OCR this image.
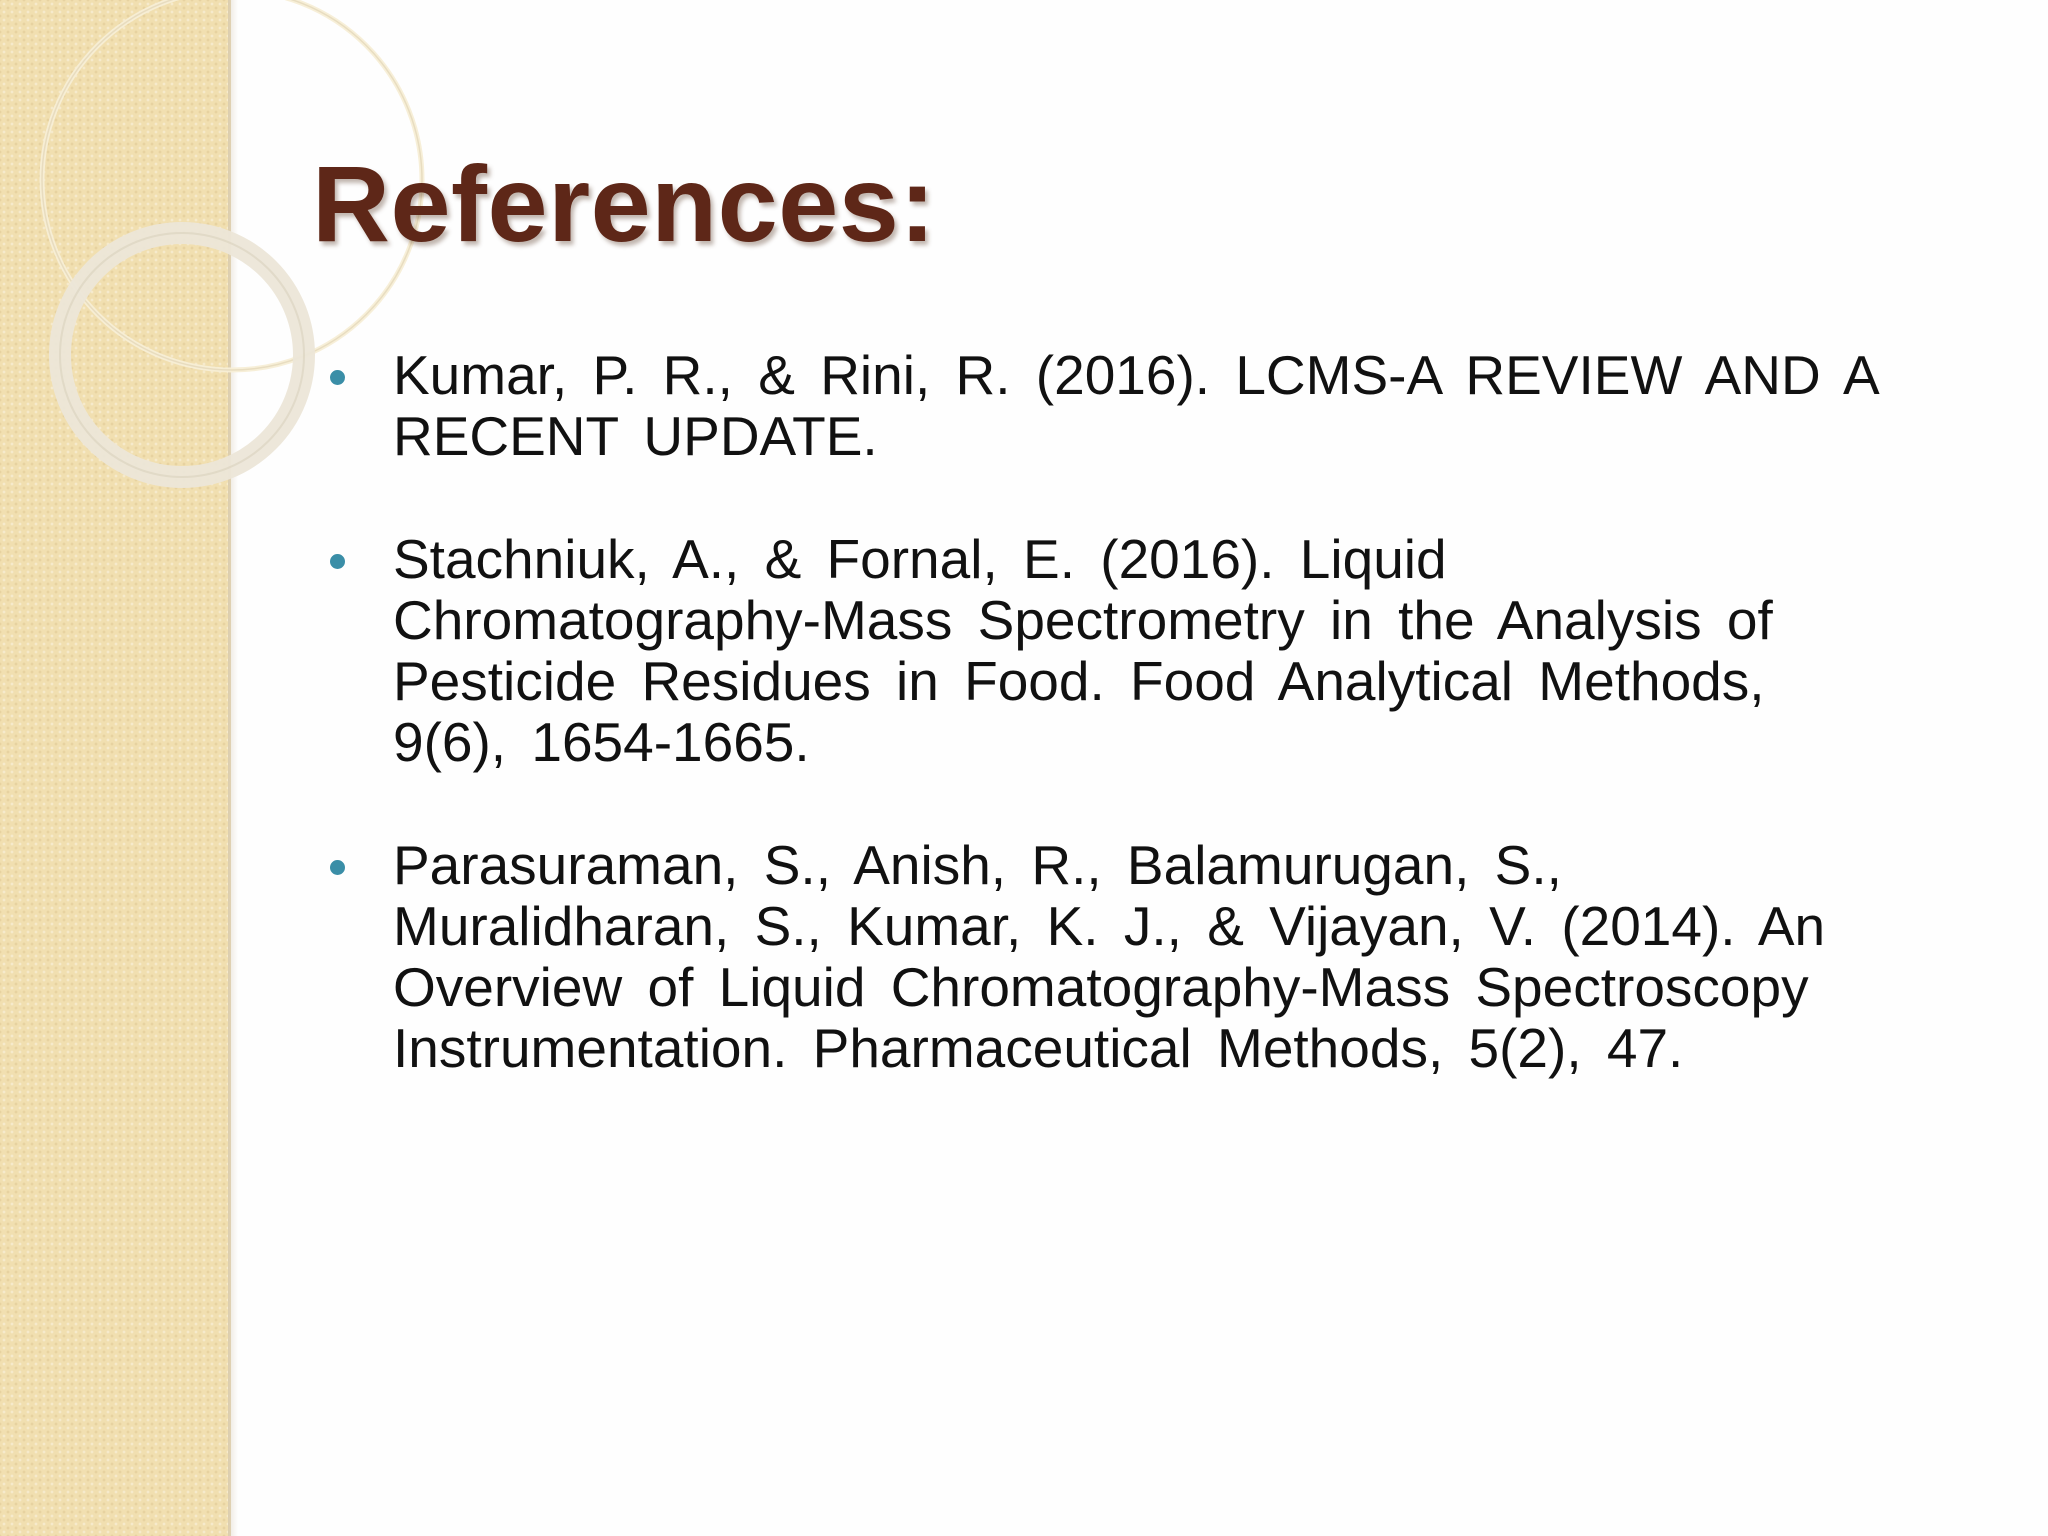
References:
Kumar, P. R., & Rini, R. (2016). LCMS-A REVIEW AND A RECENT UPDATE.
Stachniuk, A., & Fornal, E. (2016). Liquid Chromatography-Mass Spectrometry in the Analysis of Pesticide Residues in Food. Food Analytical Methods, 9(6), 1654-1665.
Parasuraman, S., Anish, R., Balamurugan, S., Muralidharan, S., Kumar, K. J., & Vijayan, V. (2014). An Overview of Liquid Chromatography-Mass Spectroscopy Instrumentation. Pharmaceutical Methods, 5(2), 47.
